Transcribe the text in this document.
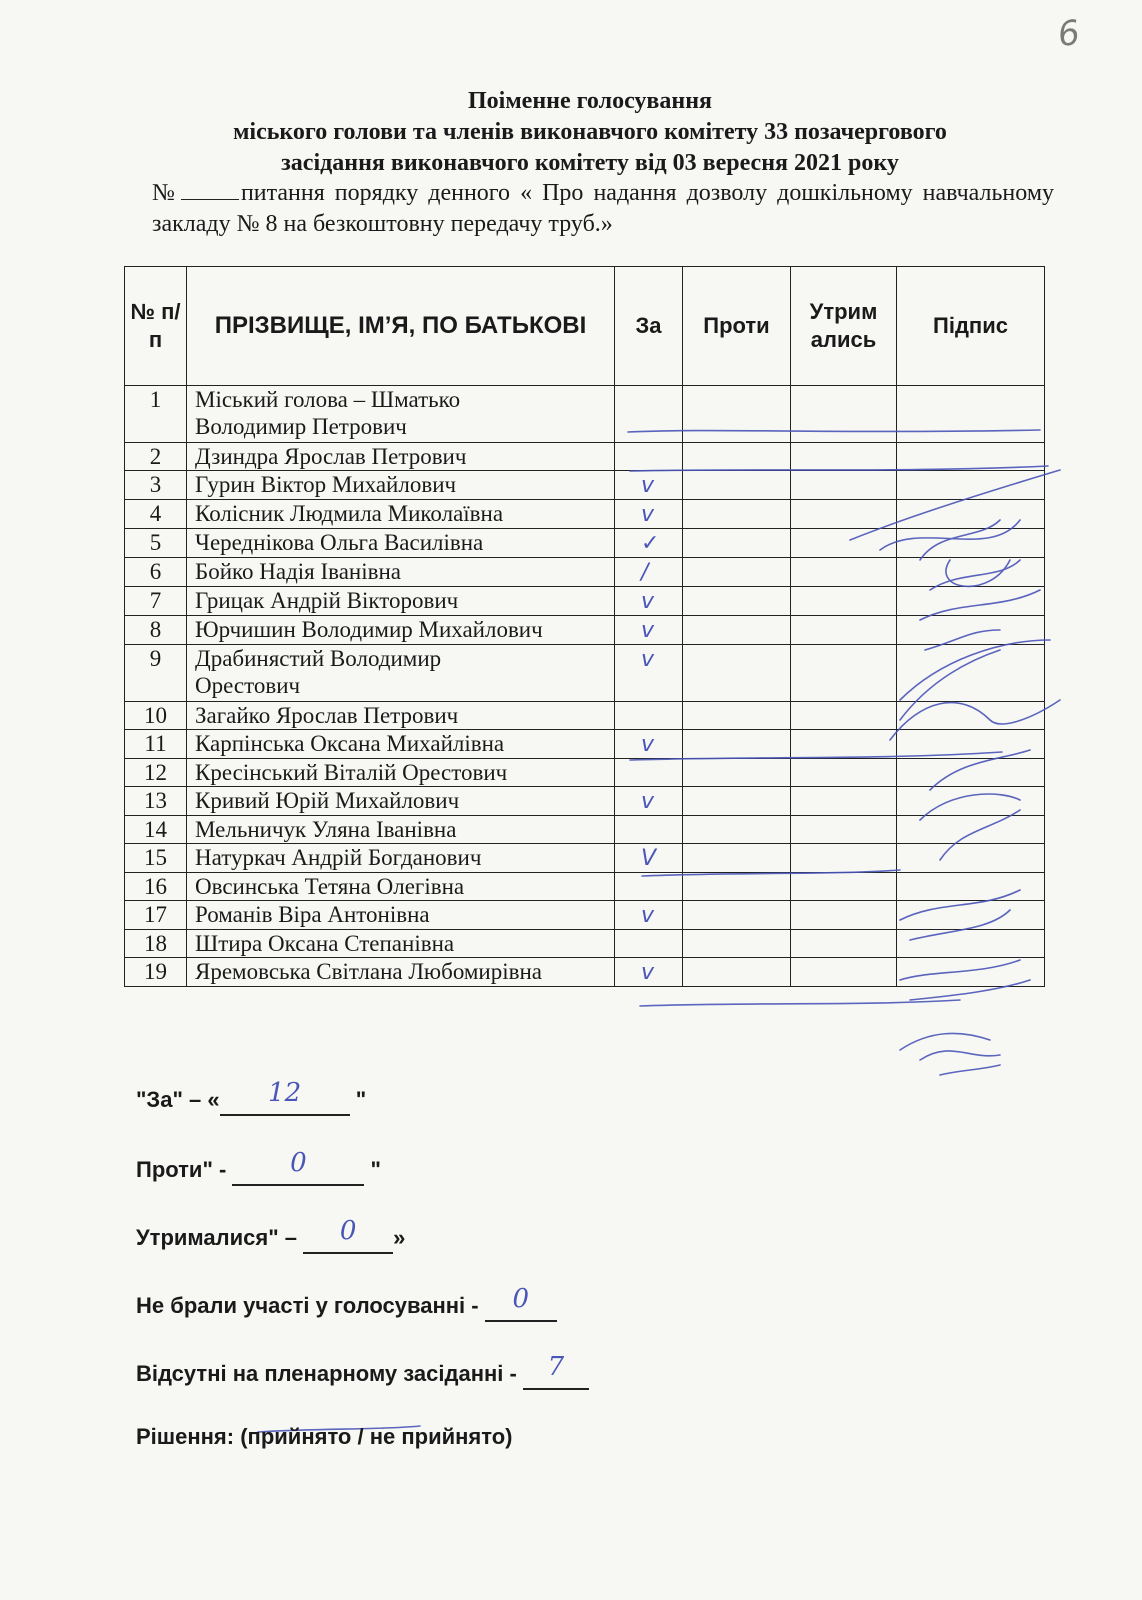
6
Поіменне голосування
міського голови та членів виконавчого комітету 33 позачергового
засідання виконавчого комітету від 03 вересня 2021 року
№	питання порядку денного « Про надання дозволу дошкільному навчальному закладу № 8 на безкоштовну передачу труб.»
№ п/п	ПРІЗВИЩЕ, ІМ’Я, ПО БАТЬКОВІ	За	Проти	Утрим ались	Підпис
1	Міський голова – Шматько
Володимир Петрович				

2	Дзиндра Ярослав Петрович				

3	Гурин Віктор Михайлович	v			
4	Колісник Людмила Миколаївна	v			
5	Череднікова Ольга Василівна	✓			
6	Бойко Надія Іванівна	/			
7	Грицак Андрій Вікторович	v			
8	Юрчишин Володимир Михайлович	v			
9	Драбинястий Володимир
Орестович	v			
10	Загайко Ярослав Петрович				

11	Карпінська Оксана Михайлівна	v			
12	Кресінський Віталій Орестович				

13	Кривий Юрій Михайлович	v			
14	Мельничук Уляна Іванівна				

15	Натуркач Андрій Богданович	V			
16	Овсинська Тетяна Олегівна				

17	Романів Віра Антонівна	v			
18	Штира Оксана Степанівна				

19	Яремовська Світлана Любомирівна	v			
"За" – « 12 "
Проти" - 0	"
Утрималися" – 0 »
Не брали участі у голосуванні - 0
Відсутні на пленарному засіданні - 7
Рішення: (прийнято / не прийнято)
